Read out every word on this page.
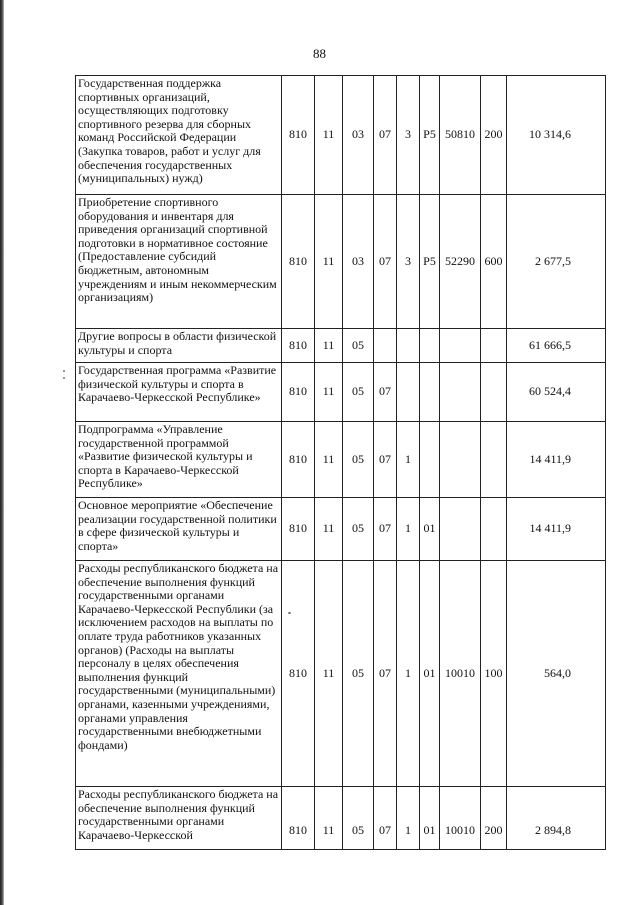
88
Государственная поддержка спортивных организаций, осуществляющих подготовку спортивного резерва для сборных команд Российской Федерации (Закупка товаров, работ и услуг для обеспечения государственных (муниципальных) нужд)	810	11	03	07	3	P5	50810	200	10 314,6
Приобретение спортивного оборудования и инвентаря для приведения организаций спортивной подготовки в нормативное состояние (Предоставление субсидий бюджетным, автономным учреждениям и иным некоммерческим организациям)	810	11	03	07	3	P5	52290	600	2 677,5
Другие вопросы в области физической культуры и спорта	810	11	05						61 666,5
Государственная программа «Развитие физической культуры и спорта в Карачаево-Черкесской Республике»	810	11	05	07					60 524,4
Подпрограмма «Управление государственной программой «Развитие физической культуры и спорта в Карачаево-Черкесской Республике»	810	11	05	07	1				14 411,9
Основное мероприятие «Обеспечение реализации государственной политики в сфере физической культуры и спорта»	810	11	05	07	1	01			14 411,9
Расходы республиканского бюджета на обеспечение выполнения функций государственными органами Карачаево-Черкесской Республики (за исключением расходов на выплаты по оплате труда работников указанных органов) (Расходы на выплаты персоналу в целях обеспечения выполнения функций государственными (муниципальными) органами, казенными учреждениями, органами управления государственными внебюджетными фондами)	810	11	05	07	1	01	10010	100	564,0
Расходы республиканского бюджета на обеспечение выполнения функций государственными органами Карачаево-Черкесской	810	11	05	07	1	01	10010	200	2 894,8
